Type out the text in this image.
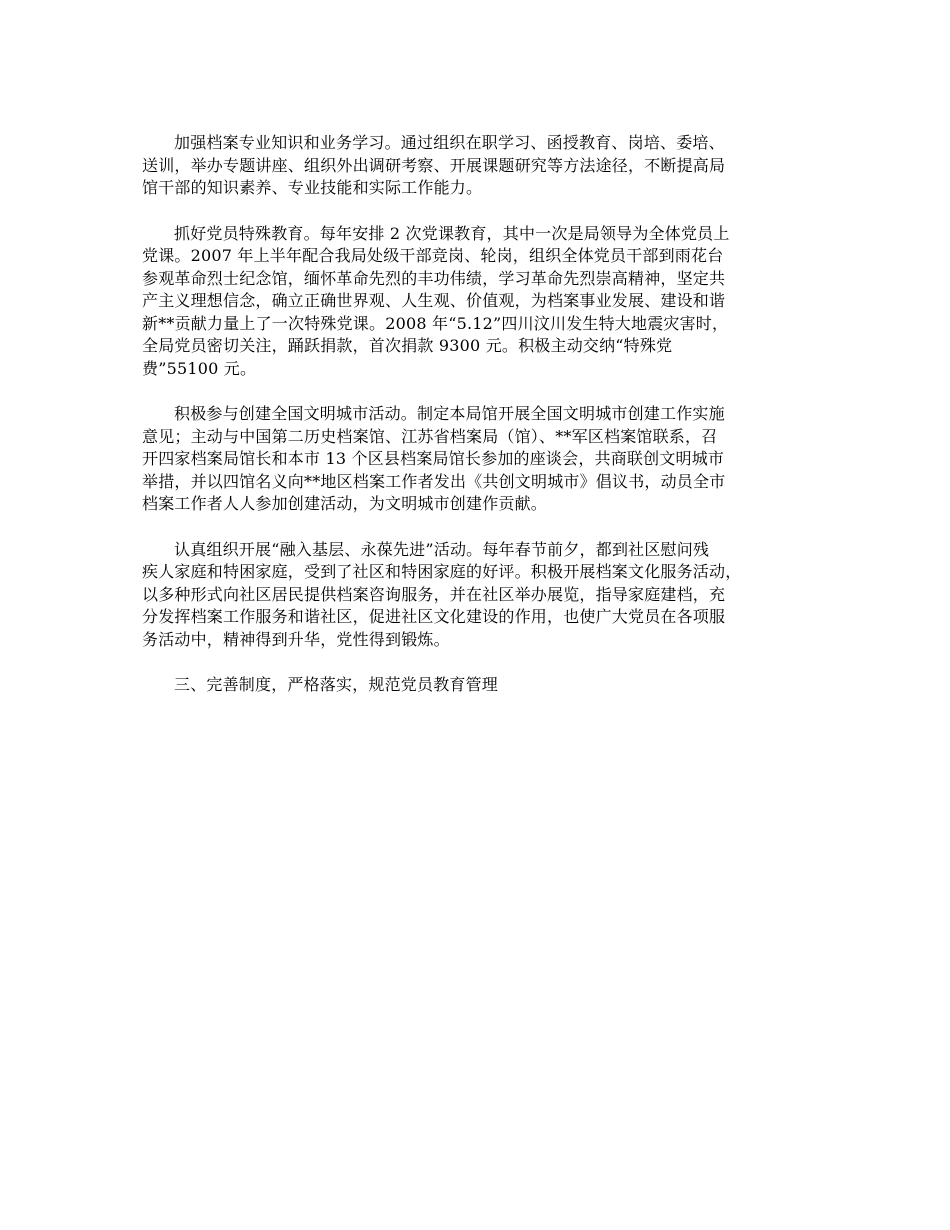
加强档案专业知识和业务学习。通过组织在职学习、函授教育、岗培、委培、
送训，举办专题讲座、组织外出调研考察、开展课题研究等方法途径，不断提高局
馆干部的知识素养、专业技能和实际工作能力。

抓好党员特殊教育。每年安排 2 次党课教育，其中一次是局领导为全体党员上
党课。2007 年上半年配合我局处级干部竞岗、轮岗，组织全体党员干部到雨花台
参观革命烈士纪念馆，缅怀革命先烈的丰功伟绩，学习革命先烈崇高精神，坚定共
产主义理想信念，确立正确世界观、人生观、价值观，为档案事业发展、建设和谐
新**贡献力量上了一次特殊党课。2008 年“5.12”四川汶川发生特大地震灾害时，
全局党员密切关注，踊跃捐款，首次捐款 9300 元。积极主动交纳“特殊党
费”55100 元。

积极参与创建全国文明城市活动。制定本局馆开展全国文明城市创建工作实施
意见；主动与中国第二历史档案馆、江苏省档案局（馆）、**军区档案馆联系，召
开四家档案局馆长和本市 13 个区县档案局馆长参加的座谈会，共商联创文明城市
举措，并以四馆名义向**地区档案工作者发出《共创文明城市》倡议书，动员全市
档案工作者人人参加创建活动，为文明城市创建作贡献。

认真组织开展“融入基层、永葆先进”活动。每年春节前夕，都到社区慰问残
疾人家庭和特困家庭，受到了社区和特困家庭的好评。积极开展档案文化服务活动，
以多种形式向社区居民提供档案咨询服务，并在社区举办展览，指导家庭建档，充
分发挥档案工作服务和谐社区，促进社区文化建设的作用，也使广大党员在各项服
务活动中，精神得到升华，党性得到锻炼。

三、完善制度，严格落实，规范党员教育管理
